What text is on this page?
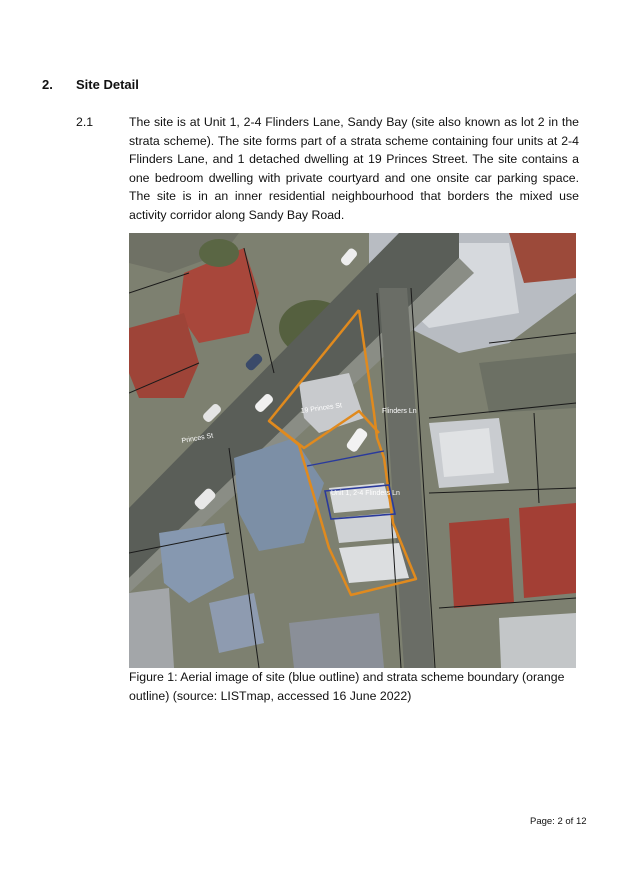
2. Site Detail
2.1	The site is at Unit 1, 2-4 Flinders Lane, Sandy Bay (site also known as lot 2 in the strata scheme). The site forms part of a strata scheme containing four units at 2-4 Flinders Lane, and 1 detached dwelling at 19 Princes Street. The site contains a one bedroom dwelling with private courtyard and one onsite car parking space. The site is in an inner residential neighbourhood that borders the mixed use activity corridor along Sandy Bay Road.
19 Princes St	Flinders Ln
Princes St
Unit 1, 2-4 Flinders Ln
Figure 1: Aerial image of site (blue outline) and strata scheme boundary (orange outline) (source: LISTmap, accessed 16 June 2022)
Page: 2 of 12
